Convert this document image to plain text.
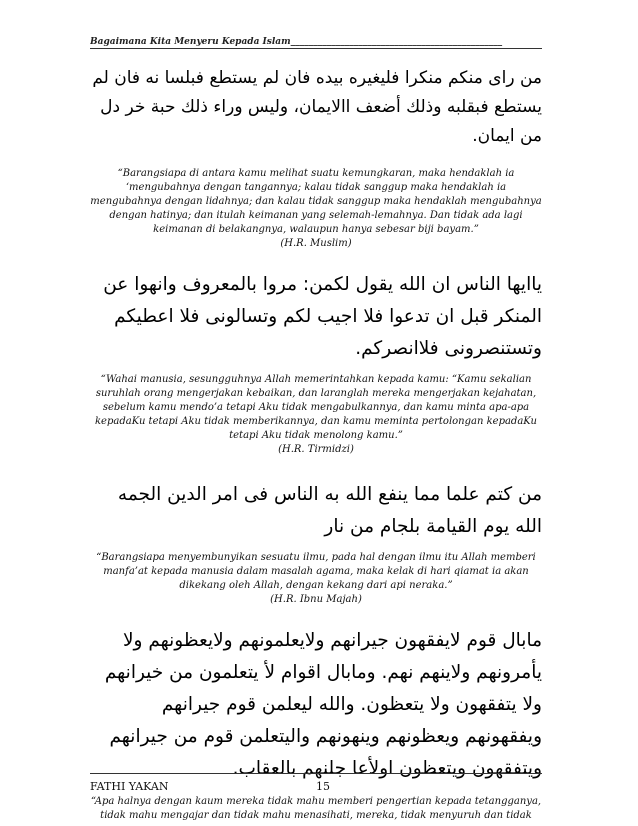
Bagaimana Kita Menyeru Kepada Islam_______________________________________________

من راى منكم منكرا فليغيره بيده فان لم يستطع فبلسا نه فان لم يستطع فبقلبه وذلك أضعف االايمان، وليس وراء ذلك حبة خر دل من ايمان.

“Barangsiapa di antara kamu melihat suatu kemungkaran, maka hendaklah ia ‘mengubahnya dengan tangannya; kalau tidak sanggup maka hendaklah ia mengubahnya dengan lidahnya; dan kalau tidak sanggup maka hendaklah mengubahnya dengan hatinya; dan itulah keimanan yang selemah-lemahnya. Dan tidak ada lagi keimanan di belakangnya, walaupun hanya sebesar biji bayam.”

(H.R. Muslim)

ياايها الناس ان الله يقول لكمن: مروا بالمعروف وانهوا عن المنكر قبل ان تدعوا فلا اجيب لكم وتسالونى فلا اعطيكم وتستنصرونى فلاانصركم.

“Wahai manusia, sesungguhnya Allah memerintahkan kepada kamu: “Kamu sekalian suruhlah orang mengerjakan kebaikan, dan laranglah mereka mengerjakan kejahatan, sebelum kamu mendo’a tetapi Aku tidak mengabulkannya, dan kamu minta apa-apa kepadaKu tetapi Aku tidak memberikannya, dan kamu meminta pertolongan kepadaKu tetapi Aku tidak menolong kamu.”

(H.R. Tirmidzi)

من كتم علما مما ينفع الله به الناس فى امر الدين الجمه الله يوم القيامة بلجام من نار

“Barangsiapa menyembunyikan sesuatu ilmu, pada hal dengan ilmu itu Allah memberi manfa’at kepada manusia dalam masalah agama, maka kelak di hari qiamat ia akan dikekang oleh Allah, dengan kekang dari api neraka.”

(H.R. Ibnu Majah)

مابال قوم لايفقهون جيرانهم ولايعلمونهم ولايعظونهم ولا يأمرونهم ولاينهم نهم. ومابال اقوام لأ يتعلمون من خيرانهم ولا يتفقهون ولا يتعظون. والله ليعلمن قوم جيرانهم ويفقهونهم ويعظونهم وينهونهم واليتعلمن قوم من جيرانهم ويتفقهون ويتعظون اولأعا جلنهم بالعقاب.

“Apa halnya dengan kaum mereka tidak mahu memberi pengertian kepada tetangganya, tidak mahu mengajar dan tidak mahu menasihati, mereka, tidak menyuruh dan tidak

FATHI YAKAN	15
